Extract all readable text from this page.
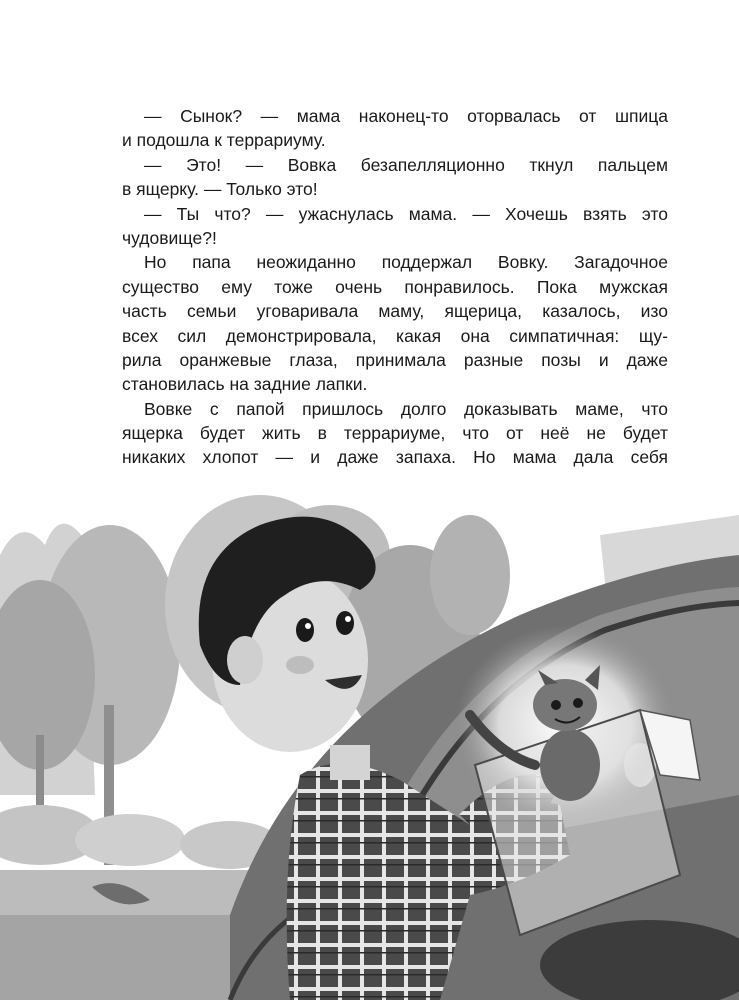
— Сынок? — мама наконец-то оторвалась от шпица
и подошла к террариуму.
— Это! — Вовка безапелляционно ткнул пальцем
в ящерку. — Только это!
— Ты что? — ужаснулась мама. — Хочешь взять это
чудовище?!
Но папа неожиданно поддержал Вовку. Загадочное
существо ему тоже очень понравилось. Пока мужская
часть семьи уговаривала маму, ящерица, казалось, изо
всех сил демонстрировала, какая она симпатичная: щу-
рила оранжевые глаза, принимала разные позы и даже
становилась на задние лапки.
Вовке с папой пришлось долго доказывать маме, что
ящерка будет жить в террариуме, что от неё не будет
никаких хлопот — и даже запаха. Но мама дала себя
